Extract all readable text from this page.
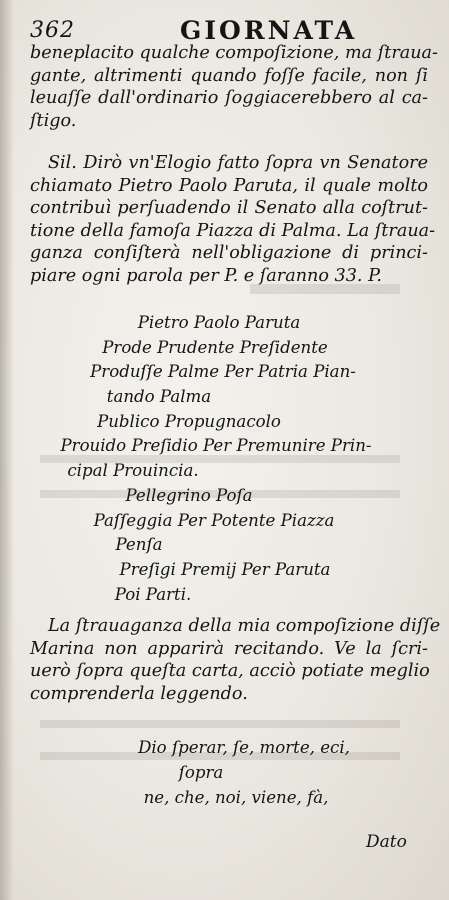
362	GIORNATA
beneplacito qualche compoſizione, ma ſtraua-
gante, altrimenti quando foſſe facile, non ſi
leuaſſe dall'ordinario ſoggiacerebbero al ca-
ſtigo.
Sil. Dirò vn'Elogio fatto ſopra vn Senatore
chiamato Pietro Paolo Paruta, il quale molto
contribuì perſuadendo il Senato alla coſtrut-
tione della famoſa Piazza di Palma. La ſtraua-
ganza conſiſterà nell'obligazione di princi-
piare ogni parola per P. e ſaranno 33. P.
Pietro Paolo Paruta
Prode Prudente Preſidente
Produſſe Palme Per Patria Pian-
tando Palma
Publico Propugnacolo
Prouido Preſidio Per Premunire Prin-
cipal Prouincia.
Pellegrino Poſa
Paſſeggia Per Potente Piazza
Penſa
Preſigi Premij Per Paruta
Poi Parti.
La ſtrauaganza della mia compoſizione diſſe
Marina non apparirà recitando. Ve la ſcri-
uerò ſopra queſta carta, acciò potiate meglio
comprenderla leggendo.
Dio ſperar, ſe, morte, eci,
ſopra
ne, che, noi, viene, fà,
Dato
